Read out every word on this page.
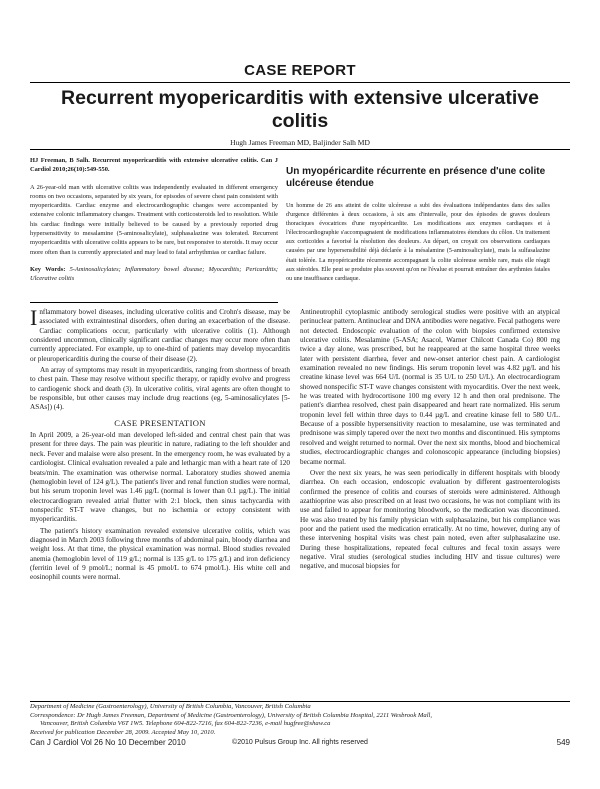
CASE REPORT
Recurrent myopericarditis with extensive ulcerative colitis
Hugh James Freeman MD, Baljinder Salh MD

HJ Freeman, B Salh. Recurrent myopericarditis with extensive ulcerative colitis. Can J Cardiol 2010;26(10):549-550.

A 26-year-old man with ulcerative colitis was independently evaluated in different emergency rooms on two occasions, separated by six years, for episodes of severe chest pain consistent with myopericarditis. Cardiac enzyme and electrocardiographic changes were accompanied by extensive colonic inflammatory changes. Treatment with corticosteroids led to resolution. While his cardiac findings were initially believed to be caused by a previously reported drug hypersensitivity to mesalamine (5-aminosalicylate), sulphasalazine was tolerated. Recurrent myopericarditis with ulcerative colitis appears to be rare, but responsive to steroids. It may occur more often than is currently appreciated and may lead to fatal arrhythmias or cardiac failure.

Key Words: 5-Aminosalicylates; Inflammatory bowel disease; Myocarditis; Pericarditis; Ulcerative colitis

Un myopéricardite récurrente en présence d'une colite ulcéreuse étendue

Un homme de 26 ans atteint de colite ulcéreuse a subi des évaluations indépendantes dans des salles d'urgence différentes à deux occasions, à six ans d'intervalle, pour des épisodes de graves douleurs thoraciques évocatrices d'une myopéricardite. Les modifications aux enzymes cardiaques et à l'électrocardiographie s'accompagnaient de modifications inflammatoires étendues du côlon. Un traitement aux corticoïdes a favorisé la résolution des douleurs. Au départ, on croyait ces observations cardiaques causées par une hypersensibilité déjà déclarée à la mésalamine (5-aminosalicylate), mais la sulfasalazine était tolérée. La myopéricardite récurrente accompagnant la colite ulcéreuse semble rare, mais elle réagit aux stéroïdes. Elle peut se produire plus souvent qu'on ne l'évalue et pourrait entraîner des arythmies fatales ou une insuffisance cardiaque.

Inflammatory bowel diseases, including ulcerative colitis and Crohn's disease, may be associated with extraintestinal disorders, often during an exacerbation of the disease. Cardiac complications occur, particularly with ulcerative colitis (1). Although considered uncommon, clinically significant cardiac changes may occur more often than currently appreciated. For example, up to one-third of patients may develop myocarditis or pleuropericarditis during the course of their disease (2).

An array of symptoms may result in myopericarditis, ranging from shortness of breath to chest pain. These may resolve without specific therapy, or rapidly evolve and progress to cardiogenic shock and death (3). In ulcerative colitis, viral agents are often thought to be responsible, but other causes may include drug reactions (eg, 5-aminosalicylates [5-ASAs]) (4).

CASE PRESENTATION

In April 2009, a 26-year-old man developed left-sided and central chest pain that was present for three days. The pain was pleuritic in nature, radiating to the left shoulder and neck. Fever and malaise were also present. In the emergency room, he was evaluated by a cardiologist. Clinical evaluation revealed a pale and lethargic man with a heart rate of 120 beats/min. The examination was otherwise normal. Laboratory studies showed anemia (hemoglobin level of 124 g/L). The patient's liver and renal function studies were normal, but his serum troponin level was 1.46 µg/L (normal is lower than 0.1 µg/L). The initial electrocardiogram revealed atrial flutter with 2:1 block, then sinus tachycardia with nonspecific ST-T wave changes, but no ischemia or ectopy consistent with myopericarditis.

The patient's history examination revealed extensive ulcerative colitis, which was diagnosed in March 2003 following three months of abdominal pain, bloody diarrhea and weight loss. At that time, the physical examination was normal. Blood studies revealed anemia (hemoglobin level of 119 g/L; normal is 135 g/L to 175 g/L) and iron deficiency (ferritin level of 9 pmol/L; normal is 45 pmol/L to 674 pmol/L). His white cell and eosinophil counts were normal.

Antineutrophil cytoplasmic antibody serological studies were positive with an atypical perinuclear pattern. Antinuclear and DNA antibodies were negative. Fecal pathogens were not detected. Endoscopic evaluation of the colon with biopsies confirmed extensive ulcerative colitis. Mesalamine (5-ASA; Asacol, Warner Chilcott Canada Co) 800 mg twice a day alone, was prescribed, but he reappeared at the same hospital three weeks later with persistent diarrhea, fever and new-onset anterior chest pain. A cardiologist examination revealed no new findings. His serum troponin level was 4.82 µg/L and his creatine kinase level was 664 U/L (normal is 35 U/L to 250 U/L). An electrocardiogram showed nonspecific ST-T wave changes consistent with myocarditis. Over the next week, he was treated with hydrocortisone 100 mg every 12 h and then oral prednisone. The patient's diarrhea resolved, chest pain disappeared and heart rate normalized. His serum troponin level fell within three days to 0.44 µg/L and creatine kinase fell to 580 U/L. Because of a possible hypersensitivity reaction to mesalamine, use was terminated and prednisone was simply tapered over the next two months and discontinued. His symptoms resolved and weight returned to normal. Over the next six months, blood and biochemical studies, electrocardiographic changes and colonoscopic appearance (including biopsies) became normal.

Over the next six years, he was seen periodically in different hospitals with bloody diarrhea. On each occasion, endoscopic evaluation by different gastroenterologists confirmed the presence of colitis and courses of steroids were administered. Although azathioprine was also prescribed on at least two occasions, he was not compliant with its use and failed to appear for monitoring bloodwork, so the medication was discontinued. He was also treated by his family physician with sulphasalazine, but his compliance was poor and the patient used the medication erratically. At no time, however, during any of these intervening hospital visits was chest pain noted, even after sulphasalazine use. During these hospitalizations, repeated fecal cultures and fecal toxin assays were negative. Viral studies (serological studies including HIV and tissue cultures) were negative, and mucosal biopsies for

Department of Medicine (Gastroenterology), University of British Columbia, Vancouver, British Columbia
Correspondence: Dr Hugh James Freeman, Department of Medicine (Gastroenterology), University of British Columbia Hospital, 2211 Wesbrook Mall,
Vancouver, British Columbia V6T 1W5. Telephone 604-822-7216, fax 604-822-7236, e-mail hugfree@shaw.ca
Received for publication December 28, 2009. Accepted May 10, 2010.
Can J Cardiol Vol 26 No 10 December 2010	©2010 Pulsus Group Inc. All rights reserved	549
